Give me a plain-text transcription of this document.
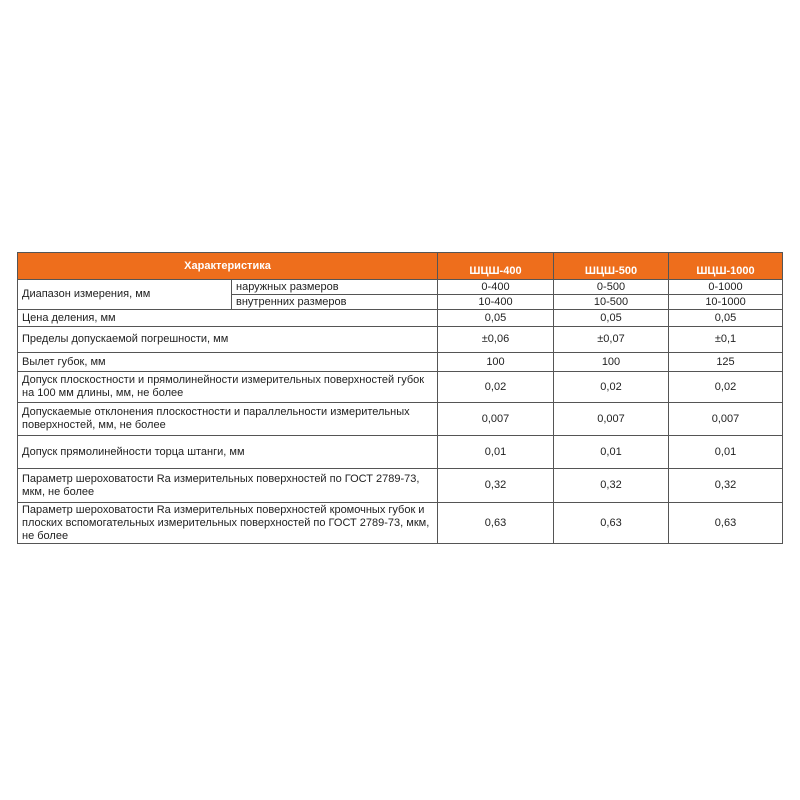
Характеристика		ШЦШ-400	ШЦШ-500	ШЦШ-1000

Диапазон измерения, мм	наружных размеров	0-400	0-500	0-1000
	внутренних размеров	10-400	10-500	10-1000
Цена деления, мм		0,05	0,05	0,05
Пределы допускаемой погрешности, мм		±0,06	±0,07	±0,1
Вылет губок, мм		100	100	125
Допуск плоскостности и прямолинейности измерительных поверхностей губок на 100 мм длины, мм, не более		0,02	0,02	0,02
Допускаемые отклонения плоскостности и параллельности измерительных поверхностей, мм, не более		0,007	0,007	0,007
Допуск прямолинейности торца штанги, мм		0,01	0,01	0,01
Параметр шероховатости Ra измерительных поверхностей по ГОСТ 2789-73, мкм, не более		0,32	0,32	0,32
Параметр шероховатости Ra измерительных поверхностей кромочных губок и плоских вспомогательных измерительных поверхностей по ГОСТ 2789-73, мкм, не более		0,63	0,63	0,63
